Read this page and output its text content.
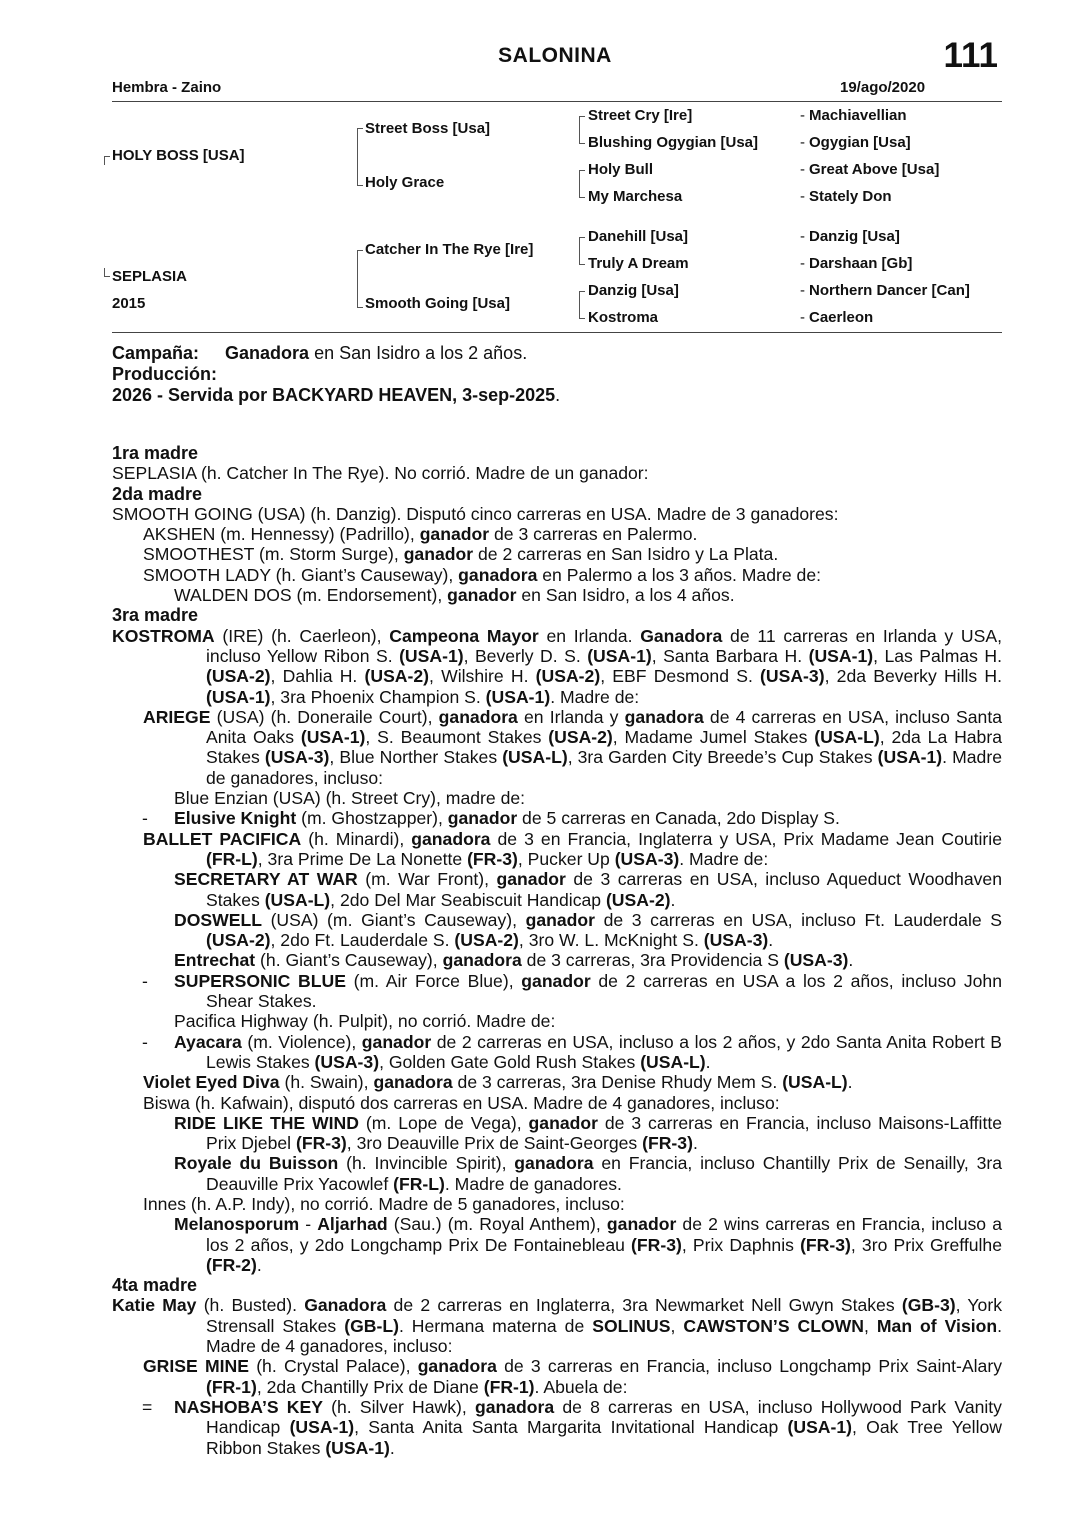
SALONINA	111
Hembra - Zaino	19/ago/2020
HOLY BOSS [USA]
SEPLASIA
2015
Street Boss [Usa]
Holy Grace
Catcher In The Rye [Ire]
Smooth Going [Usa]
Street Cry [Ire]
Blushing Ogygian [Usa]
Holy Bull
My Marchesa
Danehill [Usa]
Truly A Dream
Danzig [Usa]
Kostroma
- Machiavellian
- Ogygian [Usa]
- Great Above [Usa]
- Stately Don
- Danzig [Usa]
- Darshaan [Gb]
- Northern Dancer [Can]
- Caerleon
Campaña: Ganadora en San Isidro a los 2 años.
Producción:
2026 - Servida por BACKYARD HEAVEN, 3-sep-2025.

1ra madre

SEPLASIA (h. Catcher In The Rye). No corrió. Madre de un ganador:

2da madre

SMOOTH GOING (USA) (h. Danzig). Disputó cinco carreras en USA. Madre de 3 ganadores:

AKSHEN (m. Hennessy) (Padrillo), ganador de 3 carreras en Palermo.

SMOOTHEST (m. Storm Surge), ganador de 2 carreras en San Isidro y La Plata.

SMOOTH LADY (h. Giant’s Causeway), ganadora en Palermo a los 3 años. Madre de:

WALDEN DOS (m. Endorsement), ganador en San Isidro, a los 4 años.

3ra madre

KOSTROMA (IRE) (h. Caerleon), Campeona Mayor en Irlanda. Ganadora de 11 carreras en Irlanda y USA, incluso Yellow Ribon S. (USA-1), Beverly D. S. (USA-1), Santa Barbara H. (USA-1), Las Palmas H. (USA-2), Dahlia H. (USA-2), Wilshire H. (USA-2), EBF Desmond S. (USA-3), 2da Beverky Hills H. (USA-1), 3ra Phoenix Champion S. (USA-1). Madre de:

ARIEGE (USA) (h. Doneraile Court), ganadora en Irlanda y ganadora de 4 carreras en USA, incluso Santa Anita Oaks (USA-1), S. Beaumont Stakes (USA-2), Madame Jumel Stakes (USA-L), 2da La Habra Stakes (USA-3), Blue Norther Stakes (USA-L), 3ra Garden City Breede’s Cup Stakes (USA-1). Madre de ganadores, incluso:

Blue Enzian (USA) (h. Street Cry), madre de:

- Elusive Knight (m. Ghostzapper), ganador de 5 carreras en Canada, 2do Display S.

BALLET PACIFICA (h. Minardi), ganadora de 3 en Francia, Inglaterra y USA, Prix Madame Jean Coutirie (FR-L), 3ra Prime De La Nonette (FR-3), Pucker Up (USA-3). Madre de:

SECRETARY AT WAR (m. War Front), ganador de 3 carreras en USA, incluso Aqueduct Woodhaven Stakes (USA-L), 2do Del Mar Seabiscuit Handicap (USA-2).

DOSWELL (USA) (m. Giant’s Causeway), ganador de 3 carreras en USA, incluso Ft. Lauderdale S (USA-2), 2do Ft. Lauderdale S. (USA-2), 3ro W. L. McKnight S. (USA-3).

Entrechat (h. Giant’s Causeway), ganadora de 3 carreras, 3ra Providencia S (USA-3).

- SUPERSONIC BLUE (m. Air Force Blue), ganador de 2 carreras en USA a los 2 años, incluso John Shear Stakes.

Pacifica Highway (h. Pulpit), no corrió. Madre de:

- Ayacara (m. Violence), ganador de 2 carreras en USA, incluso a los 2 años, y 2do Santa Anita Robert B Lewis Stakes (USA-3), Golden Gate Gold Rush Stakes (USA-L).

Violet Eyed Diva (h. Swain), ganadora de 3 carreras, 3ra Denise Rhudy Mem S. (USA-L).

Biswa (h. Kafwain), disputó dos carreras en USA. Madre de 4 ganadores, incluso:

RIDE LIKE THE WIND (m. Lope de Vega), ganador de 3 carreras en Francia, incluso Maisons-Laffitte Prix Djebel (FR-3), 3ro Deauville Prix de Saint-Georges (FR-3).

Royale du Buisson (h. Invincible Spirit), ganadora en Francia, incluso Chantilly Prix de Senailly, 3ra Deauville Prix Yacowlef (FR-L). Madre de ganadores.

Innes (h. A.P. Indy), no corrió. Madre de 5 ganadores, incluso:

Melanosporum - Aljarhad (Sau.) (m. Royal Anthem), ganador de 2 wins carreras en Francia, incluso a los 2 años, y 2do Longchamp Prix De Fontainebleau (FR-3), Prix Daphnis (FR-3), 3ro Prix Greffulhe (FR-2).

4ta madre

Katie May (h. Busted). Ganadora de 2 carreras en Inglaterra, 3ra Newmarket Nell Gwyn Stakes (GB-3), York Strensall Stakes (GB-L). Hermana materna de SOLINUS, CAWSTON’S CLOWN, Man of Vision. Madre de 4 ganadores, incluso:

GRISE MINE (h. Crystal Palace), ganadora de 3 carreras en Francia, incluso Longchamp Prix Saint-Alary (FR-1), 2da Chantilly Prix de Diane (FR-1). Abuela de:

= NASHOBA’S KEY (h. Silver Hawk), ganadora de 8 carreras en USA, incluso Hollywood Park Vanity Handicap (USA-1), Santa Anita Santa Margarita Invitational Handicap (USA-1), Oak Tree Yellow Ribbon Stakes (USA-1).
